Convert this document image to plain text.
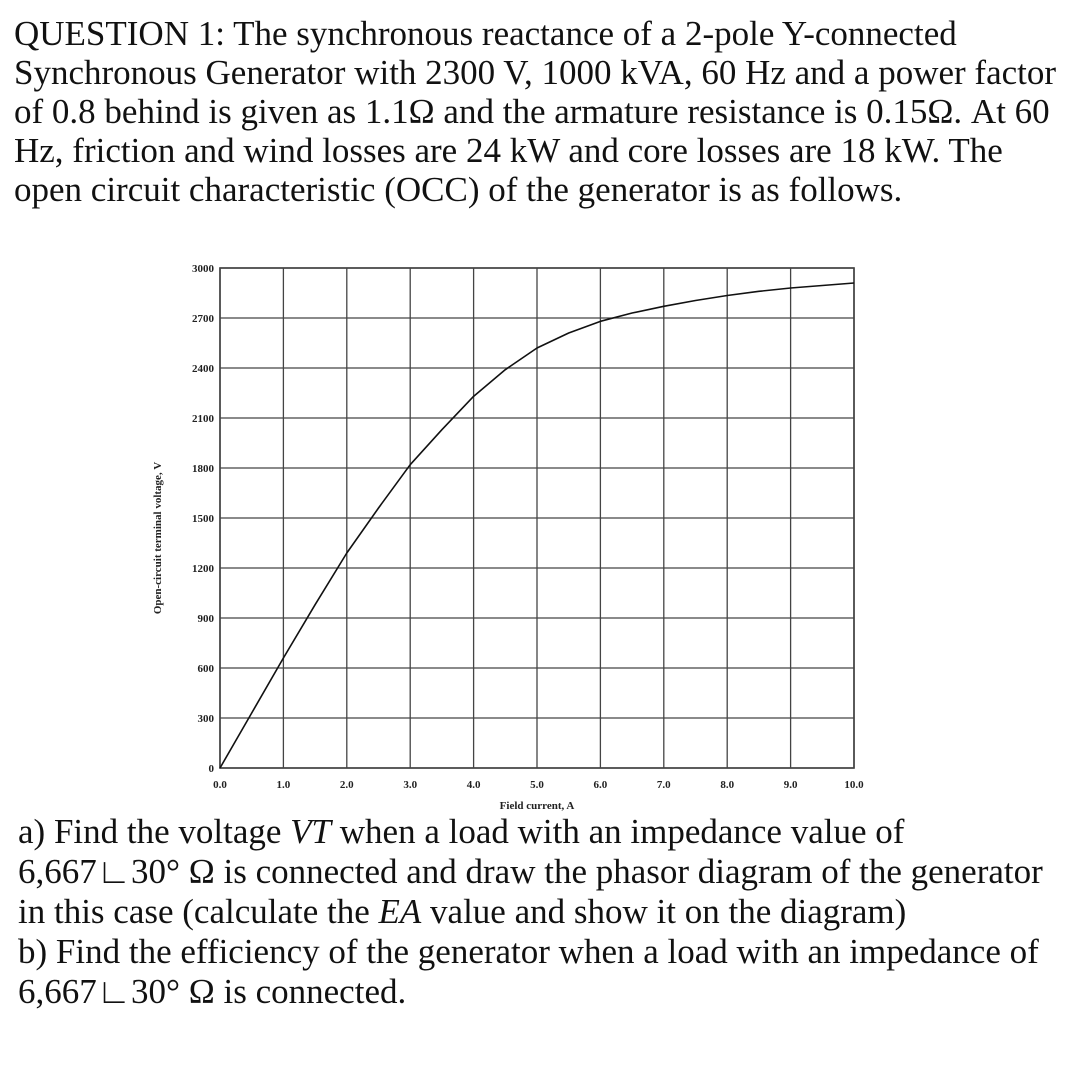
QUESTION 1: The synchronous reactance of a 2-pole Y-connected Synchronous Generator with 2300 V, 1000 kVA, 60 Hz and a power factor of 0.8 behind is given as 1.1Ω and the armature resistance is 0.15Ω. At 60 Hz, friction and wind losses are 24 kW and core losses are 18 kW. The open circuit characteristic (OCC) of the generator is as follows.

0.0	1.0	2.0	3.0	4.0	5.0	6.0	7.0	8.0	9.0	10.0
0
300
600
900
1200
1500
1800
2100
2400
2700
3000
Field current, A
Open-circuit terminal voltage, V

a) Find the voltage VT when a load with an impedance value of 6,667∟30° Ω is connected and draw the phasor diagram of the generator in this case (calculate the EA value and show it on the diagram)

b) Find the efficiency of the generator when a load with an impedance of 6,667∟30° Ω is connected.
